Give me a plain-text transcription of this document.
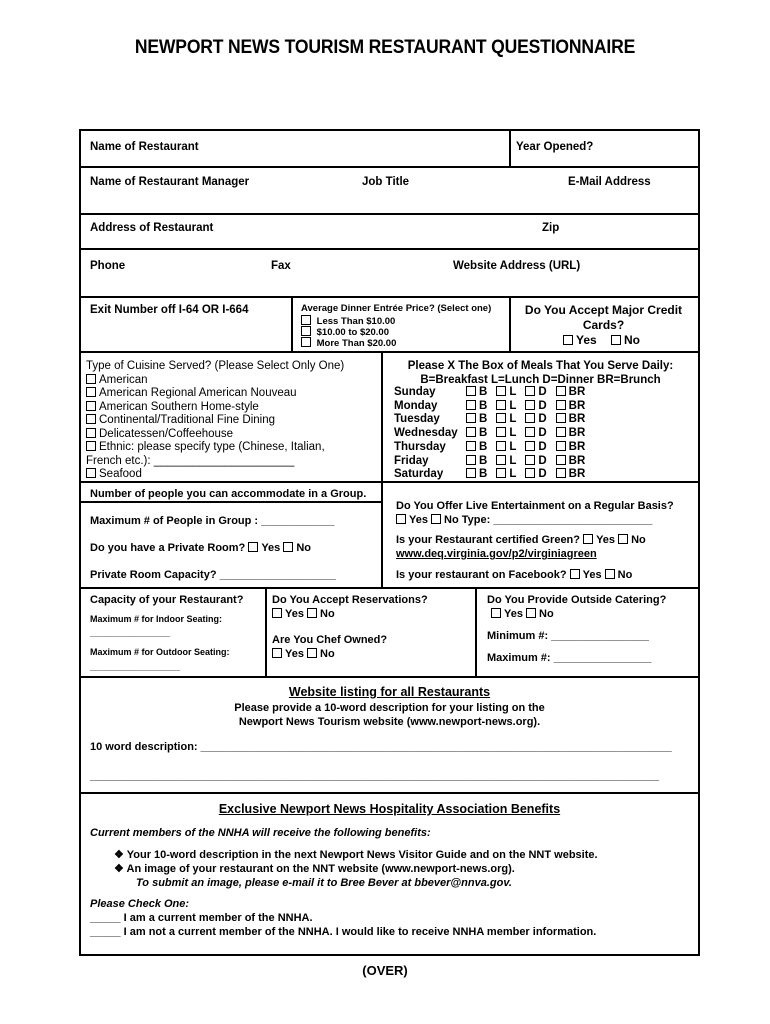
NEWPORT NEWS TOURISM RESTAURANT QUESTIONNAIRE
Name of Restaurant	Year Opened?
Name of Restaurant Manager	Job Title	E-Mail Address
Address of Restaurant	Zip
Phone	Fax	Website Address (URL)
Exit Number off I-64 OR I-664	Average Dinner Entrée Price? (Select one)
Less Than $10.00
$10.00 to $20.00
More Than $20.00
Do You Accept Major Credit
Cards?
Yes	No
Type of Cuisine Served? (Please Select Only One)
American
American Regional American Nouveau
American Southern Home-style
Continental/Traditional Fine Dining
Delicatessen/Coffeehouse
Ethnic: please specify type (Chinese, Italian,
French etc.): ______________________
Seafood
Please X The Box of Meals That You Serve Daily:
B=Breakfast L=Lunch D=Dinner BR=Brunch
Sunday	B	L	D	BR
Monday	B	L	D	BR
Tuesday	B	L	D	BR
Wednesday	B	L	D	BR
Thursday	B	L	D	BR
Friday	B	L	D	BR
Saturday	B	L	D	BR
Number of people you can accommodate in a Group.
Maximum # of People in Group : ____________
Do you have a Private Room? Yes No
Private Room Capacity? ___________________
Do You Offer Live Entertainment on a Regular Basis?
Yes No Type: __________________________
Is your Restaurant certified Green? Yes No
www.deq.virginia.gov/p2/virginiagreen
Is your restaurant on Facebook? Yes No
Capacity of your Restaurant?
Maximum # for Indoor Seating:
________________
Maximum # for Outdoor Seating:
__________________
Do You Accept Reservations?
Yes No
Are You Chef Owned?
Yes No
Do You Provide Outside Catering?
Yes No
Minimum #: ________________
Maximum #: ________________
Website listing for all Restaurants
Please provide a 10-word description for your listing on the
Newport News Tourism website (www.newport-news.org).
10 word description: _____________________________________________________________________________
_____________________________________________________________________________________________
Exclusive Newport News Hospitality Association Benefits
Current members of the NNHA will receive the following benefits:
❖ Your 10-word description in the next Newport News Visitor Guide and on the NNT website.
❖ An image of your restaurant on the NNT website (www.newport-news.org).
To submit an image, please e-mail it to Bree Bever at bbever@nnva.gov.
Please Check One:
_____ I am a current member of the NNHA.
_____ I am not a current member of the NNHA. I would like to receive NNHA member information.
(OVER)
